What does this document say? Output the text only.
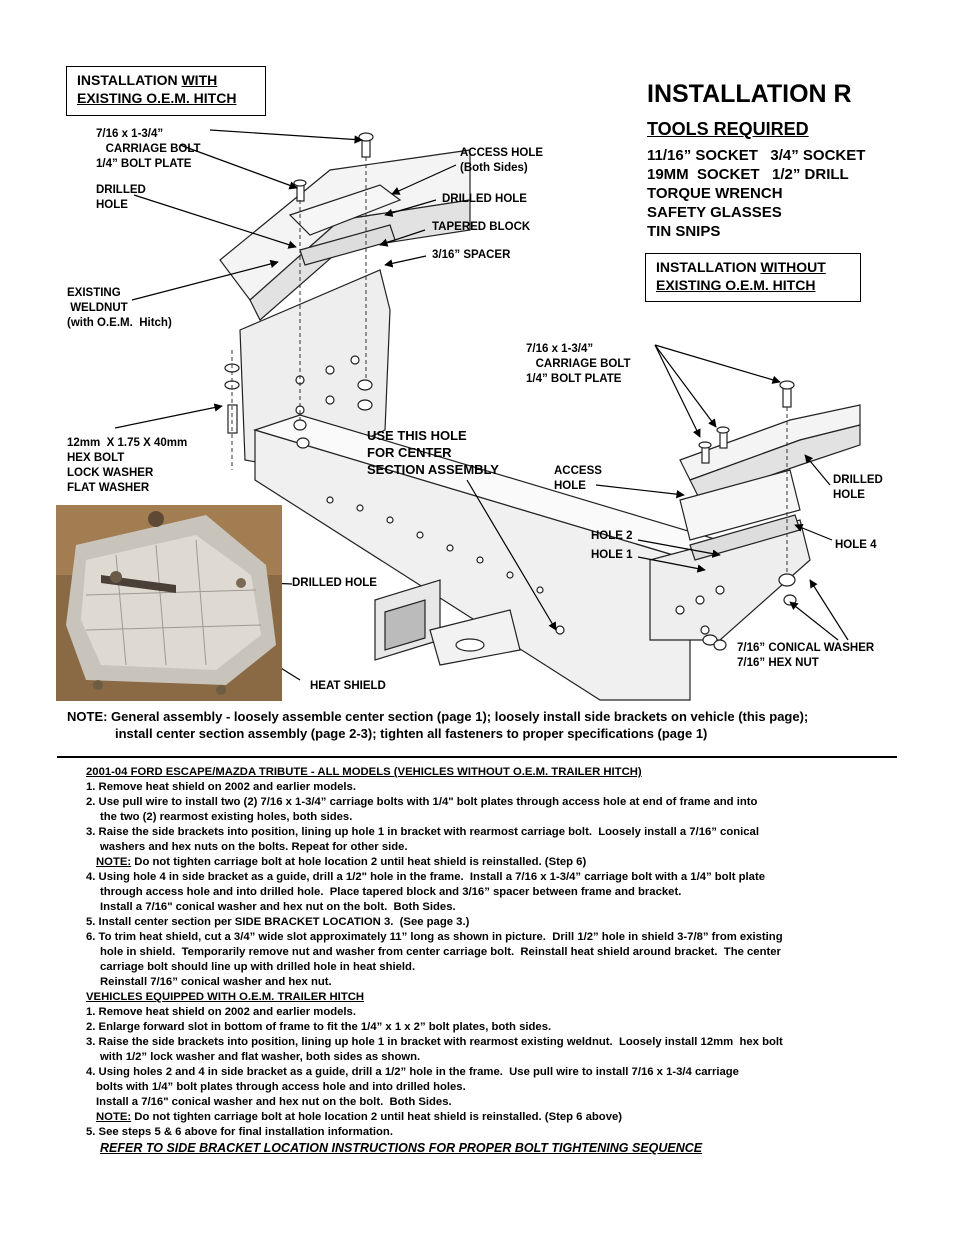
INSTALLATION WITH
EXISTING O.E.M. HITCH
INSTALLATION WITHOUT
EXISTING O.E.M. HITCH
INSTALLATION R
TOOLS REQUIRED
11/16” SOCKET   3/4” SOCKET
19MM  SOCKET   1/2” DRILL
TORQUE WRENCH
SAFETY GLASSES
TIN SNIPS
7/16 x 1-3/4”
CARRIAGE BOLT
1/4” BOLT PLATE
DRILLED
HOLE
EXISTING
WELDNUT
(with O.E.M.  Hitch)
ACCESS HOLE
(Both Sides)
DRILLED HOLE
TAPERED BLOCK
3/16” SPACER
12mm  X 1.75 X 40mm
HEX BOLT
LOCK WASHER
FLAT WASHER
USE THIS HOLE
FOR CENTER
SECTION ASSEMBLY
7/16 x 1-3/4”
CARRIAGE BOLT
1/4” BOLT PLATE
ACCESS
HOLE	DRILLED
HOLE
HOLE 2
HOLE 1
HOLE 4
DRILLED HOLE
HEAT SHIELD
7/16” CONICAL WASHER
7/16” HEX NUT
NOTE: General assembly - loosely assemble center section (page 1); loosely install side brackets on vehicle (this page);
install center section assembly (page 2-3); tighten all fasteners to proper specifications (page 1)
2001-04 FORD ESCAPE/MAZDA TRIBUTE - ALL MODELS (VEHICLES WITHOUT O.E.M. TRAILER HITCH)
1. Remove heat shield on 2002 and earlier models.
2. Use pull wire to install two (2) 7/16 x 1-3/4” carriage bolts with 1/4" bolt plates through access hole at end of frame and into
the two (2) rearmost existing holes, both sides.
3. Raise the side brackets into position, lining up hole 1 in bracket with rearmost carriage bolt.  Loosely install a 7/16” conical
washers and hex nuts on the bolts. Repeat for other side.
NOTE: Do not tighten carriage bolt at hole location 2 until heat shield is reinstalled. (Step 6)
4. Using hole 4 in side bracket as a guide, drill a 1/2" hole in the frame.  Install a 7/16 x 1-3/4” carriage bolt with a 1/4” bolt plate
through access hole and into drilled hole.  Place tapered block and 3/16” spacer between frame and bracket.
Install a 7/16" conical washer and hex nut on the bolt.  Both Sides.
5. Install center section per SIDE BRACKET LOCATION 3.  (See page 3.)
6. To trim heat shield, cut a 3/4” wide slot approximately 11” long as shown in picture.  Drill 1/2” hole in shield 3-7/8” from existing
hole in shield.  Temporarily remove nut and washer from center carriage bolt.  Reinstall heat shield around bracket.  The center
carriage bolt should line up with drilled hole in heat shield.
Reinstall 7/16” conical washer and hex nut.
VEHICLES EQUIPPED WITH O.E.M. TRAILER HITCH
1. Remove heat shield on 2002 and earlier models.
2. Enlarge forward slot in bottom of frame to fit the 1/4” x 1 x 2” bolt plates, both sides.
3. Raise the side brackets into position, lining up hole 1 in bracket with rearmost existing weldnut.  Loosely install 12mm  hex bolt
with 1/2” lock washer and flat washer, both sides as shown.
4. Using holes 2 and 4 in side bracket as a guide, drill a 1/2” hole in the frame.  Use pull wire to install 7/16 x 1-3/4 carriage
bolts with 1/4” bolt plates through access hole and into drilled holes.
Install a 7/16" conical washer and hex nut on the bolt.  Both Sides.
NOTE: Do not tighten carriage bolt at hole location 2 until heat shield is reinstalled. (Step 6 above)
5. See steps 5 & 6 above for final installation information.
REFER TO SIDE BRACKET LOCATION INSTRUCTIONS FOR PROPER BOLT TIGHTENING SEQUENCE
